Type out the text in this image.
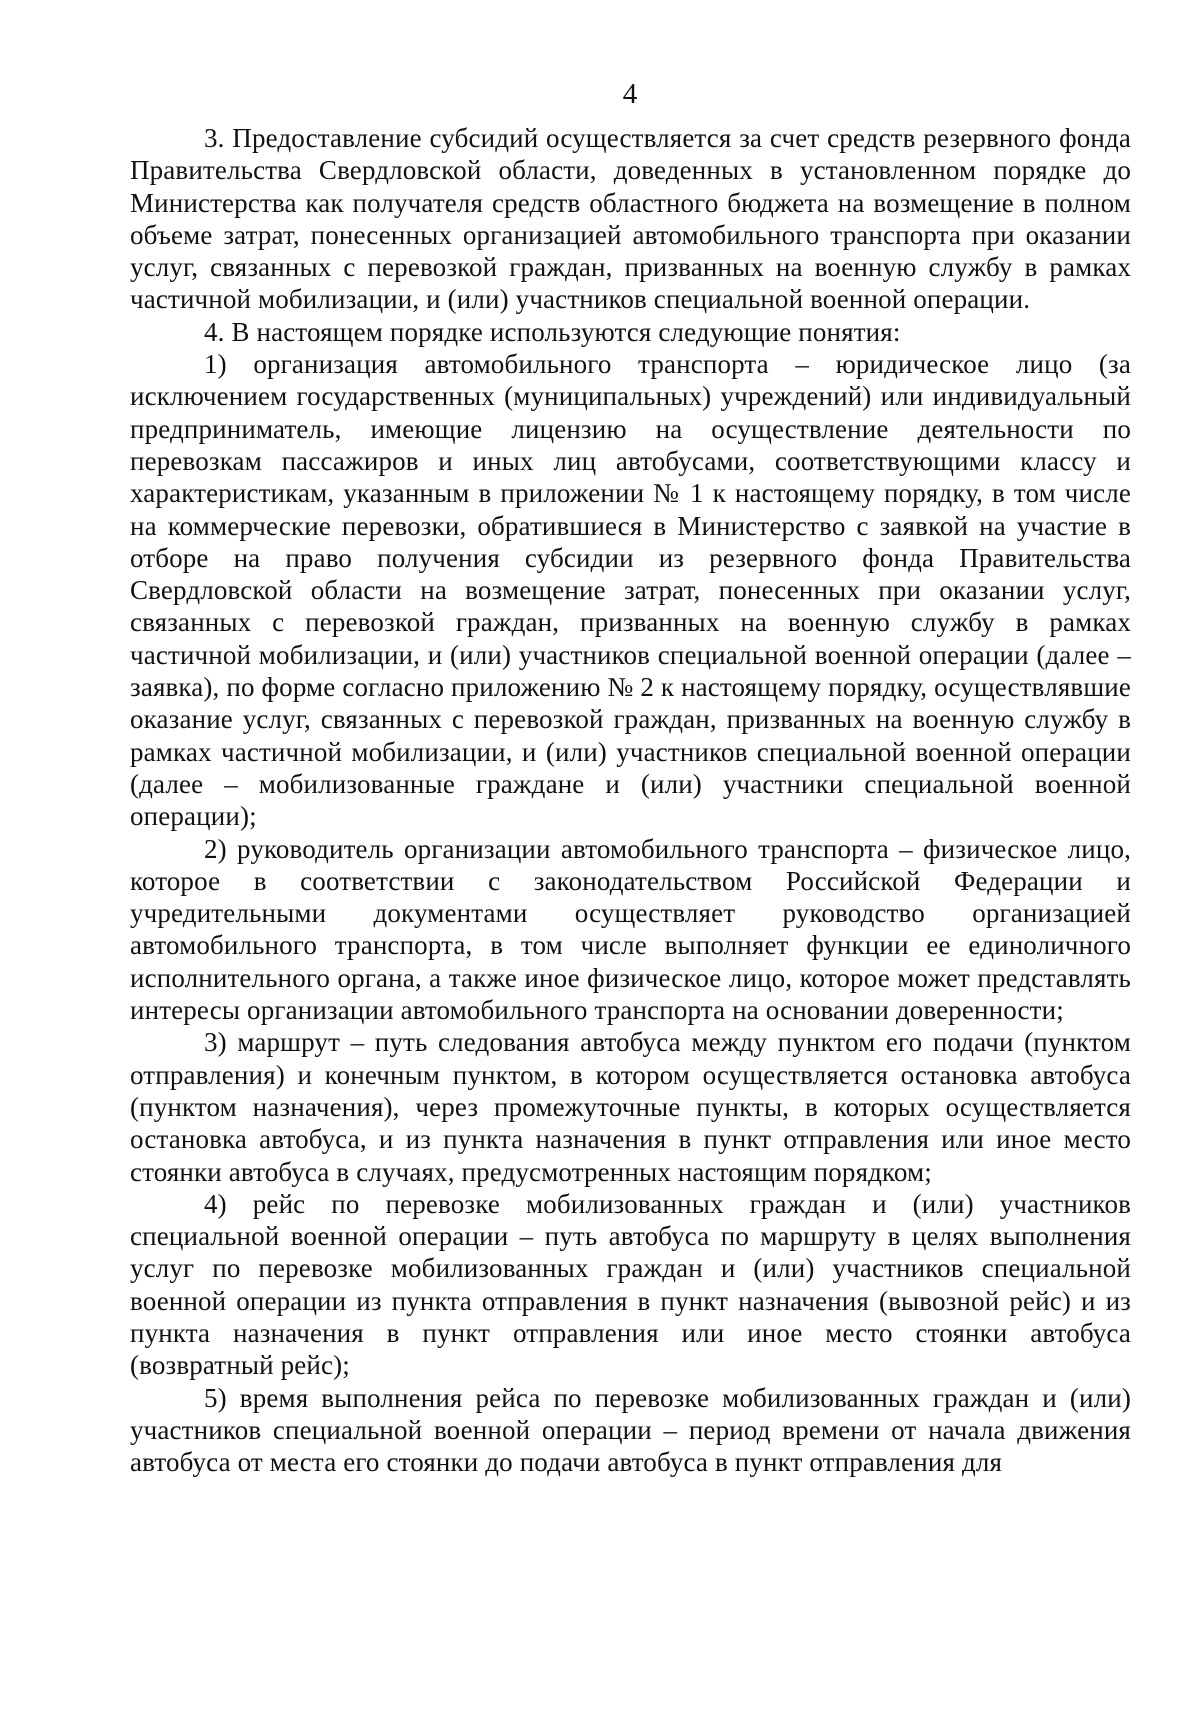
4

3. Предоставление субсидий осуществляется за счет средств резервного фонда Правительства Свердловской области, доведенных в установленном порядке до Министерства как получателя средств областного бюджета на возмещение в полном объеме затрат, понесенных организацией автомобильного транспорта при оказании услуг, связанных с перевозкой граждан, призванных на военную службу в рамках частичной мобилизации, и (или) участников специальной военной операции.

4. В настоящем порядке используются следующие понятия:

1) организация автомобильного транспорта – юридическое лицо (за исключением государственных (муниципальных) учреждений) или индивидуальный предприниматель, имеющие лицензию на осуществление деятельности по перевозкам пассажиров и иных лиц автобусами, соответствующими классу и характеристикам, указанным в приложении № 1 к настоящему порядку, в том числе на коммерческие перевозки, обратившиеся в Министерство с заявкой на участие в отборе на право получения субсидии из резервного фонда Правительства Свердловской области на возмещение затрат, понесенных при оказании услуг, связанных с перевозкой граждан, призванных на военную службу в рамках частичной мобилизации, и (или) участников специальной военной операции (далее – заявка), по форме согласно приложению № 2 к настоящему порядку, осуществлявшие оказание услуг, связанных с перевозкой граждан, призванных на военную службу в рамках частичной мобилизации, и (или) участников специальной военной операции (далее – мобилизованные граждане и (или) участники специальной военной операции);

2) руководитель организации автомобильного транспорта – физическое лицо, которое в соответствии с законодательством Российской Федерации и учредительными документами осуществляет руководство организацией автомобильного транспорта, в том числе выполняет функции ее единоличного исполнительного органа, а также иное физическое лицо, которое может представлять интересы организации автомобильного транспорта на основании доверенности;

3) маршрут – путь следования автобуса между пунктом его подачи (пунктом отправления) и конечным пунктом, в котором осуществляется остановка автобуса (пунктом назначения), через промежуточные пункты, в которых осуществляется остановка автобуса, и из пункта назначения в пункт отправления или иное место стоянки автобуса в случаях, предусмотренных настоящим порядком;

4) рейс по перевозке мобилизованных граждан и (или) участников специальной военной операции – путь автобуса по маршруту в целях выполнения услуг по перевозке мобилизованных граждан и (или) участников специальной военной операции из пункта отправления в пункт назначения (вывозной рейс) и из пункта назначения в пункт отправления или иное место стоянки автобуса (возвратный рейс);

5) время выполнения рейса по перевозке мобилизованных граждан и (или) участников специальной военной операции – период времени от начала движения автобуса от места его стоянки до подачи автобуса в пункт отправления для
